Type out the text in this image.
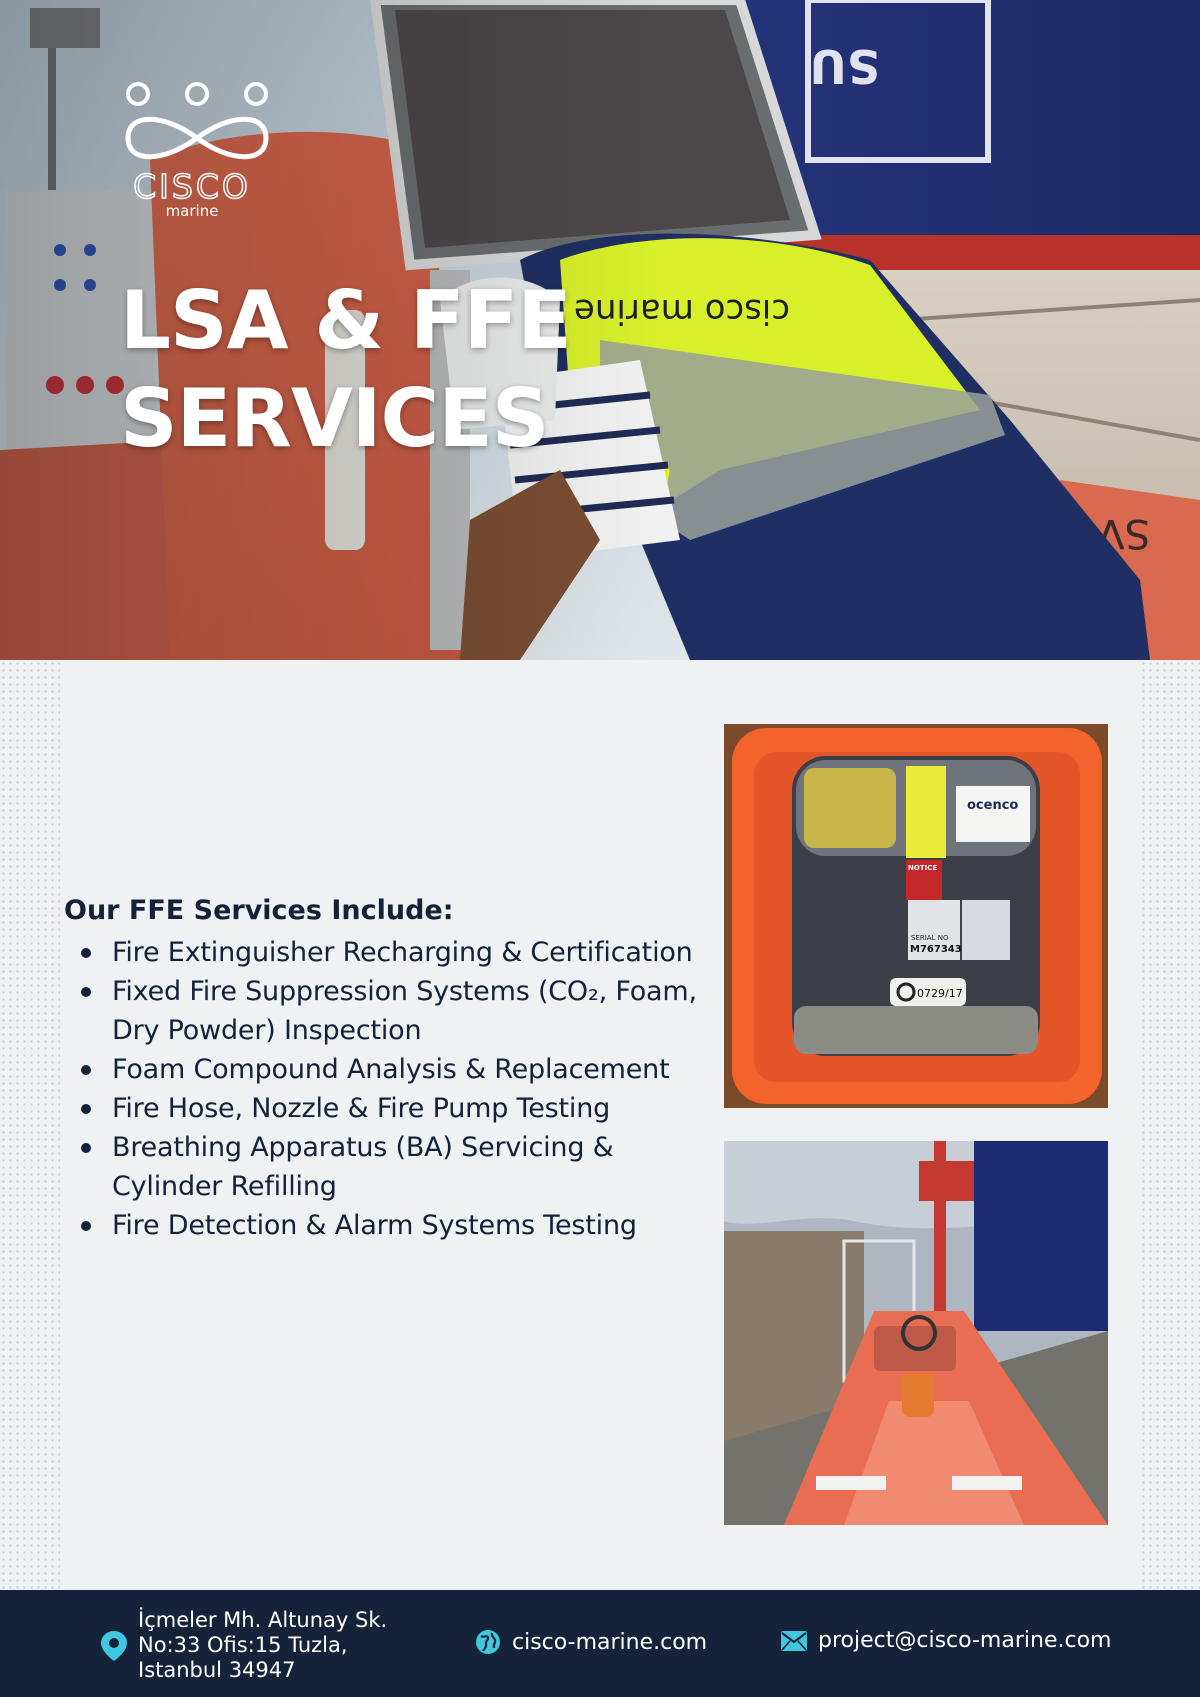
CISCO
marine
LSA & FFE
SERVICES
Our FFE Services Include:
Fire Extinguisher Recharging & Certification
Fixed Fire Suppression Systems (CO₂, Foam, Dry Powder) Inspection
Foam Compound Analysis & Replacement
Fire Hose, Nozzle & Fire Pump Testing
Breathing Apparatus (BA) Servicing & Cylinder Refilling
Fire Detection & Alarm Systems Testing
ocenco
NOTICE
SERIAL NO
M767343
0729/17
İçmeler Mh. Altunay Sk.
No:33 Ofis:15 Tuzla,
Istanbul 34947
cisco-marine.com	project@cisco-marine.com
